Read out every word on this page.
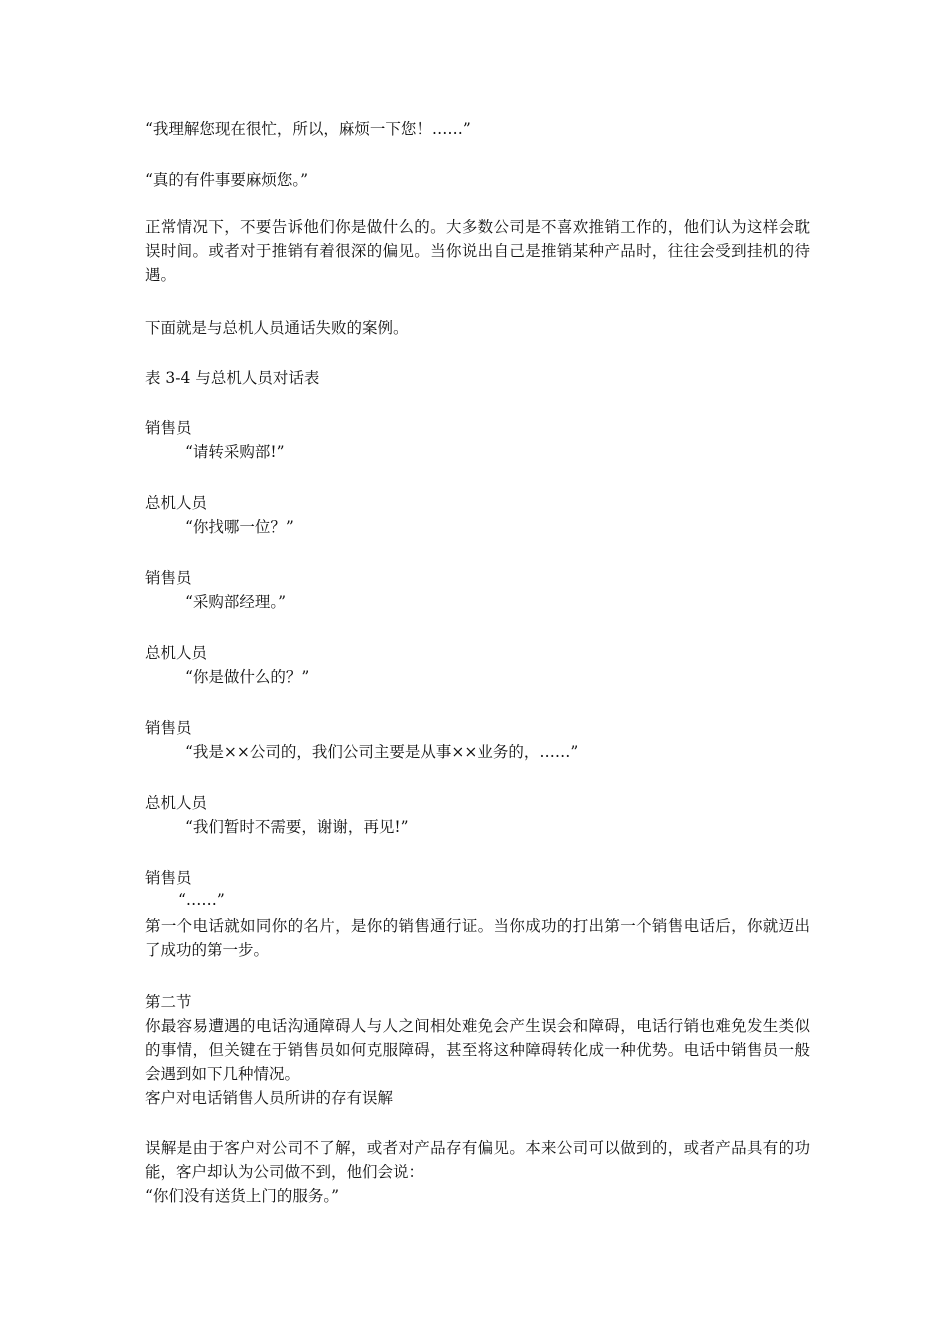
“我理解您现在很忙，所以，麻烦一下您！……”
“真的有件事要麻烦您。”
正常情况下，不要告诉他们你是做什么的。大多数公司是不喜欢推销工作的，他们认为这样会耽误时间。或者对于推销有着很深的偏见。当你说出自己是推销某种产品时，往往会受到挂机的待遇。
下面就是与总机人员通话失败的案例。
表 3-4 与总机人员对话表
销售员
“请转采购部!”
总机人员
“你找哪一位？”
销售员
“采购部经理。”
总机人员
“你是做什么的？”
销售员
“我是××公司的，我们公司主要是从事××业务的，……”
总机人员
“我们暂时不需要，谢谢，再见!”
销售员
“……”
第一个电话就如同你的名片，是你的销售通行证。当你成功的打出第一个销售电话后，你就迈出了成功的第一步。
第二节
你最容易遭遇的电话沟通障碍人与人之间相处难免会产生误会和障碍，电话行销也难免发生类似的事情，但关键在于销售员如何克服障碍，甚至将这种障碍转化成一种优势。电话中销售员一般会遇到如下几种情况。
客户对电话销售人员所讲的存有误解
误解是由于客户对公司不了解，或者对产品存有偏见。本来公司可以做到的，或者产品具有的功能，客户却认为公司做不到，他们会说：
“你们没有送货上门的服务。”
